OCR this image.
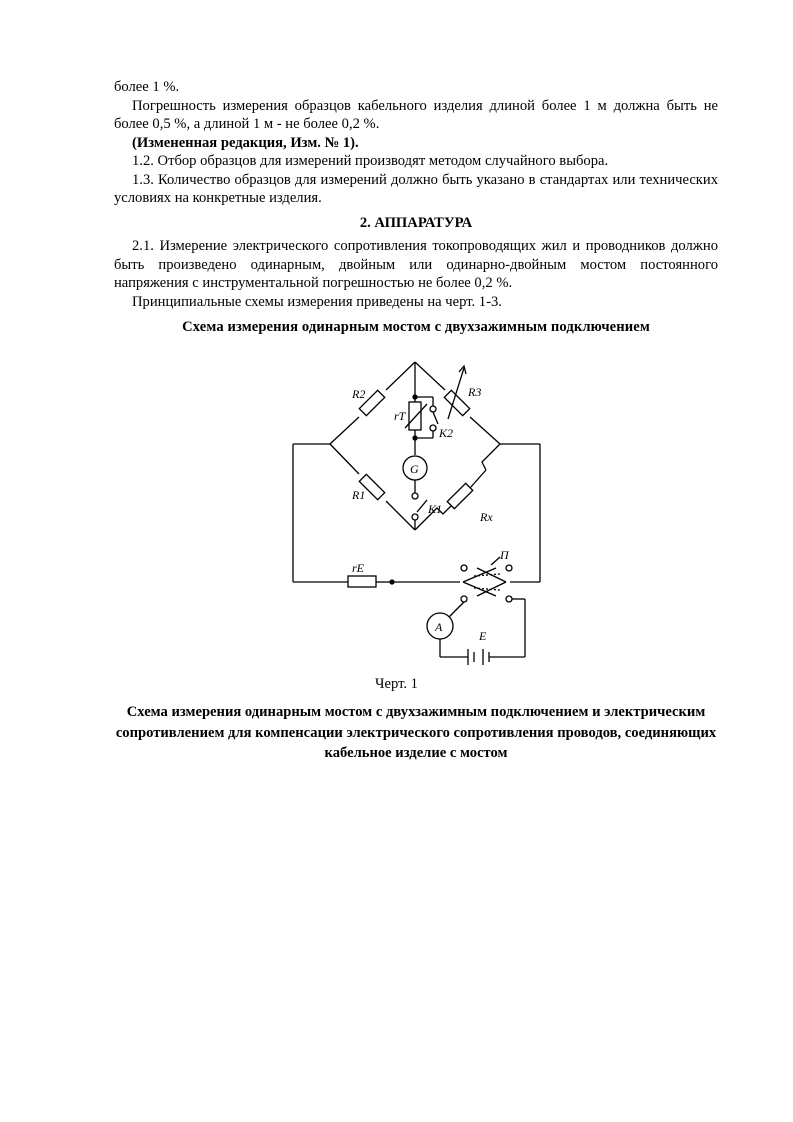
более 1 %.

Погрешность измерения образцов кабельного изделия длиной более 1 м должна быть не более 0,5 %, а длиной 1 м - не более 0,2 %.

(Измененная редакция, Изм. № 1).

1.2. Отбор образцов для измерений производят методом случайного выбора.

1.3. Количество образцов для измерений должно быть указано в стандартах или технических условиях на конкретные изделия.

2. АППАРАТУРА

2.1. Измерение электрического сопротивления токопроводящих жил и проводников должно быть произведено одинарным, двойным или одинарно-двойным мостом постоянного напряжения с инструментальной погрешностью не более 0,2 %.

Принципиальные схемы измерения приведены на черт. 1-3.

Схема измерения одинарным мостом с двухзажимным подключением

R2	R3
rT
K2
G
R1
K1
Rx
rE
П
A
E
Черт. 1
Схема измерения одинарным мостом с двухзажимным подключением и электрическим сопротивлением для компенсации электрического сопротивления проводов, соединяющих кабельное изделие с мостом
